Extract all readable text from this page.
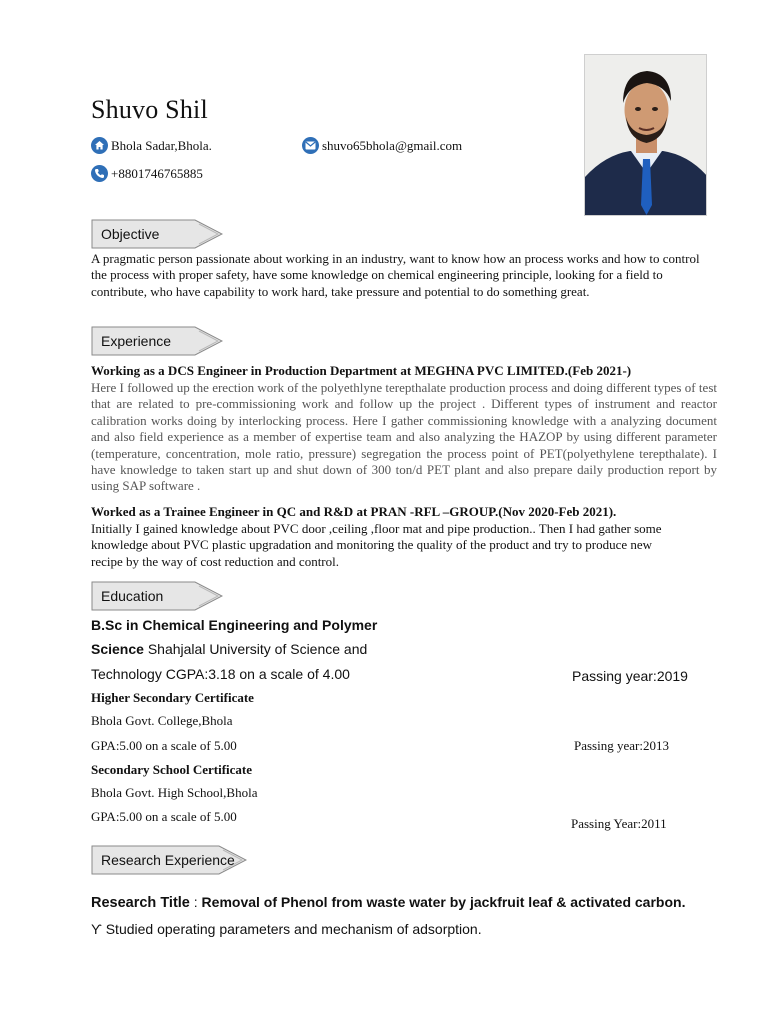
Shuvo Shil
Bhola Sadar,Bhola.	shuvo65bhola@gmail.com
+8801746765885
Objective
A pragmatic person passionate about working in an industry, want to know how an process works and how to control the process with proper safety, have some knowledge on chemical engineering principle, looking for a field to contribute, who have capability to work hard, take pressure and potential to do something great.
Experience
Working as a DCS Engineer in Production Department at MEGHNA PVC LIMITED.(Feb 2021-)
Here I followed up the erection work of the polyethlyne terepthalate production process and doing different types of test that are related to pre-commissioning work and follow up the project . Different types of instrument and reactor calibration works doing by interlocking process. Here I gather commissioning knowledge with a analyzing document and also field experience as a member of expertise team and also analyzing the HAZOP by using different parameter (temperature, concentration, mole ratio, pressure) segregation the process point of PET(polyethylene terepthalate). I have knowledge to taken start up and shut down of 300 ton/d PET plant and also prepare daily production report by using SAP software .
Worked as a Trainee Engineer in QC and R&D at PRAN -RFL –GROUP.(Nov 2020-Feb 2021).
Initially I gained knowledge about PVC door ,ceiling ,floor mat and pipe production.. Then I had gather some knowledge about PVC plastic upgradation and monitoring the quality of the product and try to produce new recipe by the way of cost reduction and control.
Education
B.Sc in Chemical Engineering and Polymer
Science Shahjalal University of Science and
Technology CGPA:3.18 on a scale of 4.00	Passing year:2019
Higher Secondary Certificate
Bhola Govt. College,Bhola
GPA:5.00 on a scale of 5.00	Passing year:2013
Secondary School Certificate
Bhola Govt. High School,Bhola
GPA:5.00 on a scale of 5.00	Passing Year:2011
Research Experience
Research Title : Removal of Phenol from waste water by jackfruit leaf & activated carbon.
ϒ Studied operating parameters and mechanism of adsorption.
